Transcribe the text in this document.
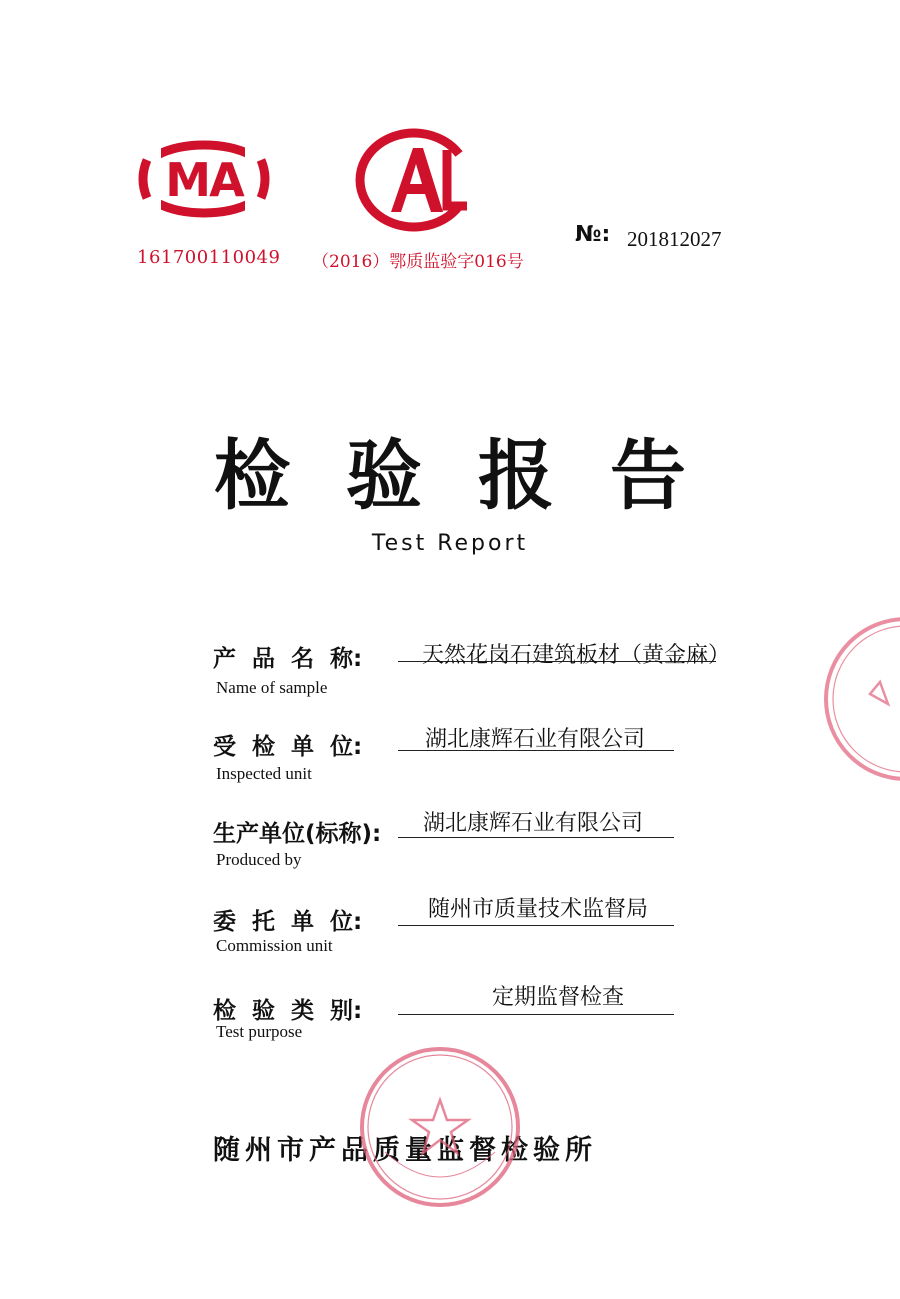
MA
161700110049 （2016）鄂质监验字016号
№: 201812027
检验报告
Test Report
产  品  名  称:	天然花岗石建筑板材（黄金麻）
Name of sample
受  检  单  位:	湖北康辉石业有限公司
Inspected unit
生产单位(标称): 湖北康辉石业有限公司
Produced by
委  托  单  位:	随州市质量技术监督局
Commission unit
检  验  类  别:
定期监督检查
Test purpose
随州市产品质量监督检验所
